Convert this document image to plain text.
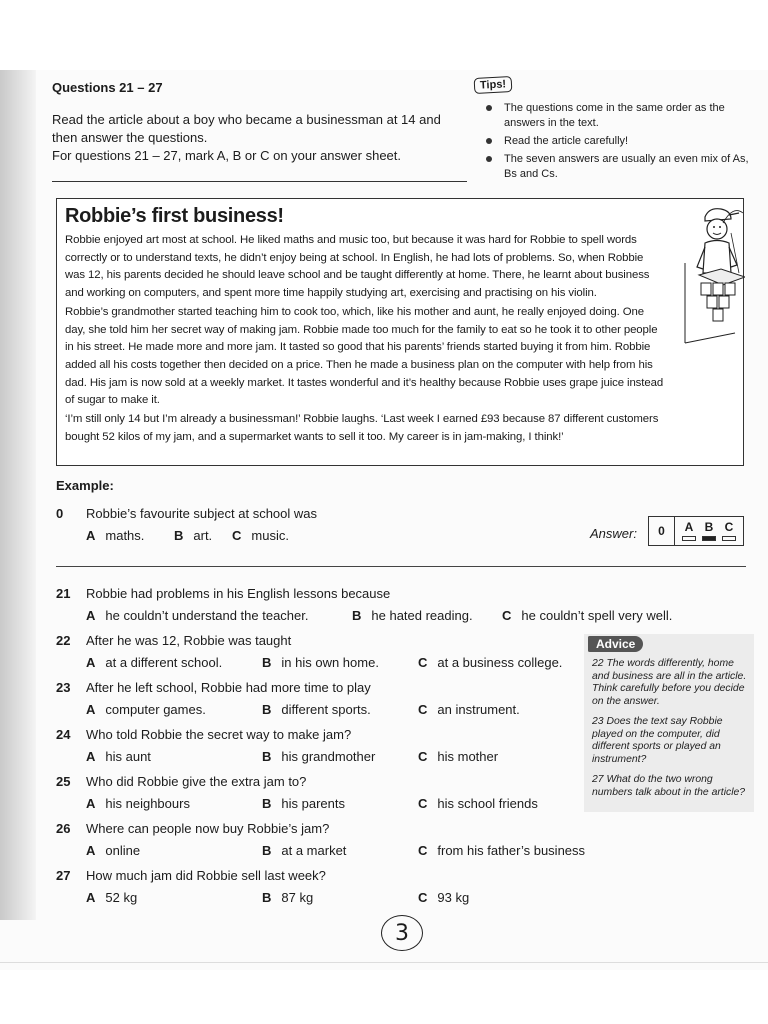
Questions 21 – 27

Read the article about a boy who became a businessman at 14 and then answer the questions.

For questions 21 – 27, mark A, B or C on your answer sheet.

Tips!
The questions come in the same order as the answers in the text.
Read the article carefully!
The seven answers are usually an even mix of As, Bs and Cs.
Robbie’s first business!

Robbie enjoyed art most at school. He liked maths and music too, but because it was hard for Robbie to spell words correctly or to understand texts, he didn’t enjoy being at school. In English, he had lots of problems. So, when Robbie was 12, his parents decided he should leave school and be taught differently at home. There, he learnt about business and working on computers, and spent more time happily studying art, exercising and practising on his violin.

Robbie’s grandmother started teaching him to cook too, which, like his mother and aunt, he really enjoyed doing. One day, she told him her secret way of making jam. Robbie made too much for the family to eat so he took it to other people in his street. He made more and more jam. It tasted so good that his parents’ friends started buying it from him. Robbie added all his costs together then decided on a price. Then he made a business plan on the computer with help from his dad. His jam is now sold at a weekly market. It tastes wonderful and it’s healthy because Robbie uses grape juice instead of sugar to make it.

‘I’m still only 14 but I’m already a businessman!’ Robbie laughs. ‘Last week I earned £93 because 87 different customers bought 52 kilos of my jam, and a supermarket wants to sell it too. My career is in jam-making, I think!’

Example:
0	Robbie’s favourite subject at school was
A maths. B art. C music.	Answer:	0	A B C
21	Robbie had problems in his English lessons because
A he couldn’t understand the teacher.	B he hated reading. C he couldn’t spell very well.
22	After he was 12, Robbie was taught
A at a different school.	B in his own home.	C at a business college.
23	After he left school, Robbie had more time to play
A computer games.	B different sports.	C an instrument.
24	Who told Robbie the secret way to make jam?
A his aunt	B his grandmother	C his mother
25	Who did Robbie give the extra jam to?
A his neighbours	B his parents	C his school friends
26	Where can people now buy Robbie’s jam?
A online	B at a market	C from his father’s business
27	How much jam did Robbie sell last week?
A 52 kg	B 87 kg	C 93 kg
Advice

22 The words differently, home and business are all in the article. Think carefully before you decide on the answer.

23 Does the text say Robbie played on the computer, did different sports or played an instrument?

27 What do the two wrong numbers talk about in the article?

3
